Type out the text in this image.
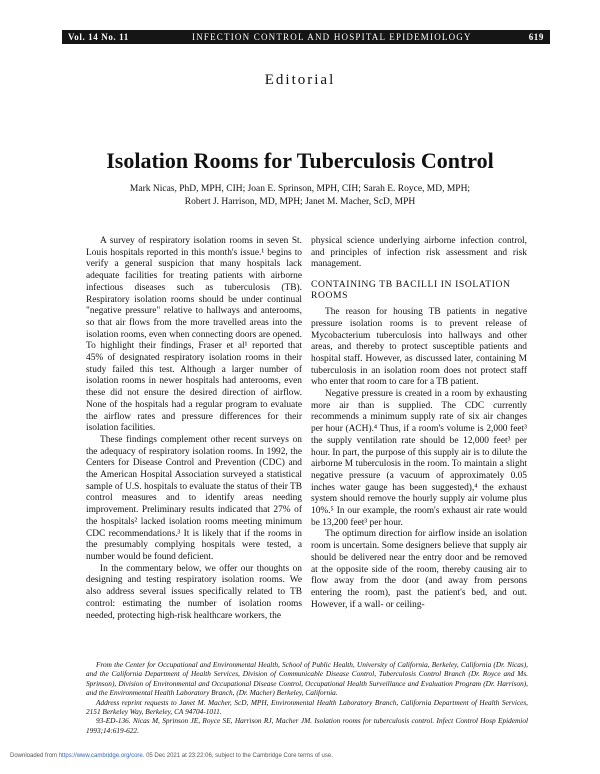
Vol. 14 No. 11	INFECTION CONTROL AND HOSPITAL EPIDEMIOLOGY	619
Editorial
Isolation Rooms for Tuberculosis Control
Mark Nicas, PhD, MPH, CIH; Joan E. Sprinson, MPH, CIH; Sarah E. Royce, MD, MPH;
Robert J. Harrison, MD, MPH; Janet M. Macher, ScD, MPH

A survey of respiratory isolation rooms in seven St. Louis hospitals reported in this month's issue.¹ begins to verify a general suspicion that many hospitals lack adequate facilities for treating patients with airborne infectious diseases such as tuberculosis (TB). Respiratory isolation rooms should be under continual "negative pressure" relative to hallways and anterooms, so that air flows from the more travelled areas into the isolation rooms, even when connecting doors are opened. To highlight their findings, Fraser et al¹ reported that 45% of designated respiratory isolation rooms in their study failed this test. Although a larger number of isolation rooms in newer hospitals had anterooms, even these did not ensure the desired direction of airflow. None of the hospitals had a regular program to evaluate the airflow rates and pressure differences for their isolation facilities.

These findings complement other recent surveys on the adequacy of respiratory isolation rooms. In 1992, the Centers for Disease Control and Prevention (CDC) and the American Hospital Association surveyed a statistical sample of U.S. hospitals to evaluate the status of their TB control measures and to identify areas needing improvement. Preliminary results indicated that 27% of the hospitals² lacked isolation rooms meeting minimum CDC recommendations.³ It is likely that if the rooms in the presumably complying hospitals were tested, a number would be found deficient.

In the commentary below, we offer our thoughts on designing and testing respiratory isolation rooms. We also address several issues specifically related to TB control: estimating the number of isolation rooms needed, protecting high-risk healthcare workers, the

physical science underlying airborne infection control, and principles of infection risk assessment and risk management.

CONTAINING TB BACILLI IN ISOLATION ROOMS

The reason for housing TB patients in negative pressure isolation rooms is to prevent release of Mycobacterium tuberculosis into hallways and other areas, and thereby to protect susceptible patients and hospital staff. However, as discussed later, containing M tuberculosis in an isolation room does not protect staff who enter that room to care for a TB patient.

Negative pressure is created in a room by exhausting more air than is supplied. The CDC currently recommends a minimum supply rate of six air changes per hour (ACH).⁴ Thus, if a room's volume is 2,000 feet³ the supply ventilation rate should be 12,000 feet³ per hour. In part, the purpose of this supply air is to dilute the airborne M tuberculosis in the room. To maintain a slight negative pressure (a vacuum of approximately 0.05 inches water gauge has been suggested),⁴ the exhaust system should remove the hourly supply air volume plus 10%.⁵ In our example, the room's exhaust air rate would be 13,200 feet³ per hour.

The optimum direction for airflow inside an isolation room is uncertain. Some designers believe that supply air should be delivered near the entry door and be removed at the opposite side of the room, thereby causing air to flow away from the door (and away from persons entering the room), past the patient's bed, and out. However, if a wall- or ceiling-

From the Center for Occupational and Environmental Health, School of Public Health, University of California, Berkeley, California (Dr. Nicas), and the California Department of Health Services, Division of Communicable Disease Control, Tuberculosis Control Branch (Dr. Royce and Ms. Sprinson), Division of Environmental and Occupational Disease Control, Occupational Health Surveillance and Evaluation Program (Dr. Harrison), and the Environmental Health Laboratory Branch, (Dr. Macher) Berkeley, California.

Address reprint requests to Janet M. Macher, ScD, MPH, Environmental Health Laboratory Branch, California Department of Health Services, 2151 Berkeley Way, Berkeley, CA 94704-1011.

93-ED-136. Nicas M, Sprinson JE, Royce SE, Harrison RJ, Macher JM. Isolation rooms for tuberculosis control. Infect Control Hosp Epidemiol 1993;14:619-622.

Downloaded from https://www.cambridge.org/core. 05 Dec 2021 at 23:22:06, subject to the Cambridge Core terms of use.
